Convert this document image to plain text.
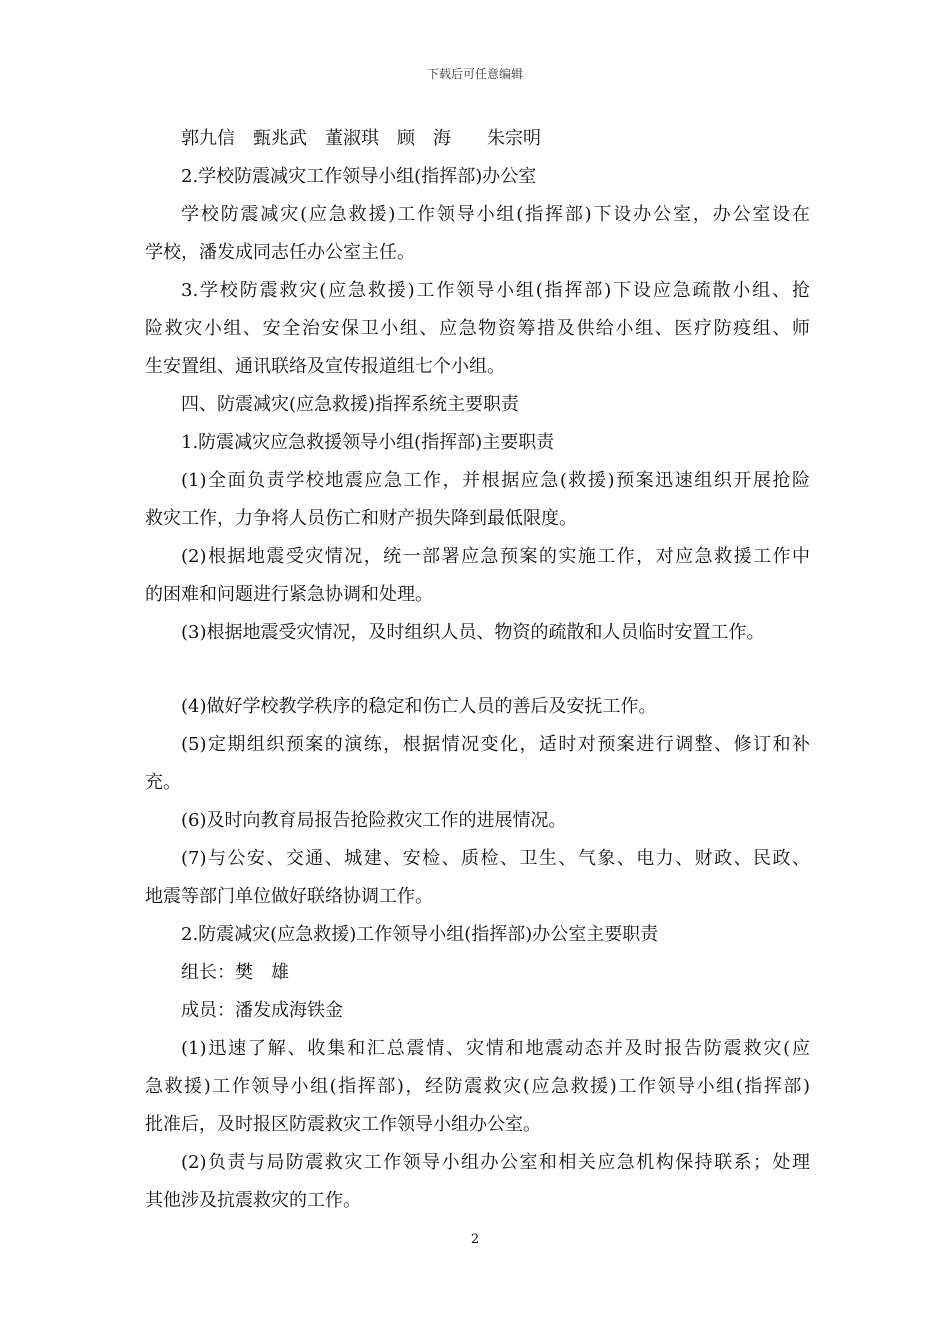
下载后可任意编辑
郭九信　甄兆武　董淑琪　顾　海　　朱宗明
2.学校防震减灾工作领导小组(指挥部)办公室
学校防震减灾(应急救援)工作领导小组(指挥部)下设办公室，办公室设在
学校，潘发成同志任办公室主任。
3.学校防震救灾(应急救援)工作领导小组(指挥部)下设应急疏散小组、抢
险救灾小组、安全治安保卫小组、应急物资筹措及供给小组、医疗防疫组、师
生安置组、通讯联络及宣传报道组七个小组。
四、防震减灾(应急救援)指挥系统主要职责
1.防震减灾应急救援领导小组(指挥部)主要职责
(1)全面负责学校地震应急工作，并根据应急(救援)预案迅速组织开展抢险
救灾工作，力争将人员伤亡和财产损失降到最低限度。
(2)根据地震受灾情况，统一部署应急预案的实施工作，对应急救援工作中
的困难和问题进行紧急协调和处理。
(3)根据地震受灾情况，及时组织人员、物资的疏散和人员临时安置工作。
(4)做好学校教学秩序的稳定和伤亡人员的善后及安抚工作。
(5)定期组织预案的演练，根据情况变化，适时对预案进行调整、修订和补
充。
(6)及时向教育局报告抢险救灾工作的进展情况。
(7)与公安、交通、城建、安检、质检、卫生、气象、电力、财政、民政、
地震等部门单位做好联络协调工作。
2.防震减灾(应急救援)工作领导小组(指挥部)办公室主要职责
组长：樊　雄
成员：潘发成海铁金
(1)迅速了解、收集和汇总震情、灾情和地震动态并及时报告防震救灾(应
急救援)工作领导小组(指挥部)，经防震救灾(应急救援)工作领导小组(指挥部)
批准后，及时报区防震救灾工作领导小组办公室。
(2)负责与局防震救灾工作领导小组办公室和相关应急机构保持联系；处理
其他涉及抗震救灾的工作。
2
